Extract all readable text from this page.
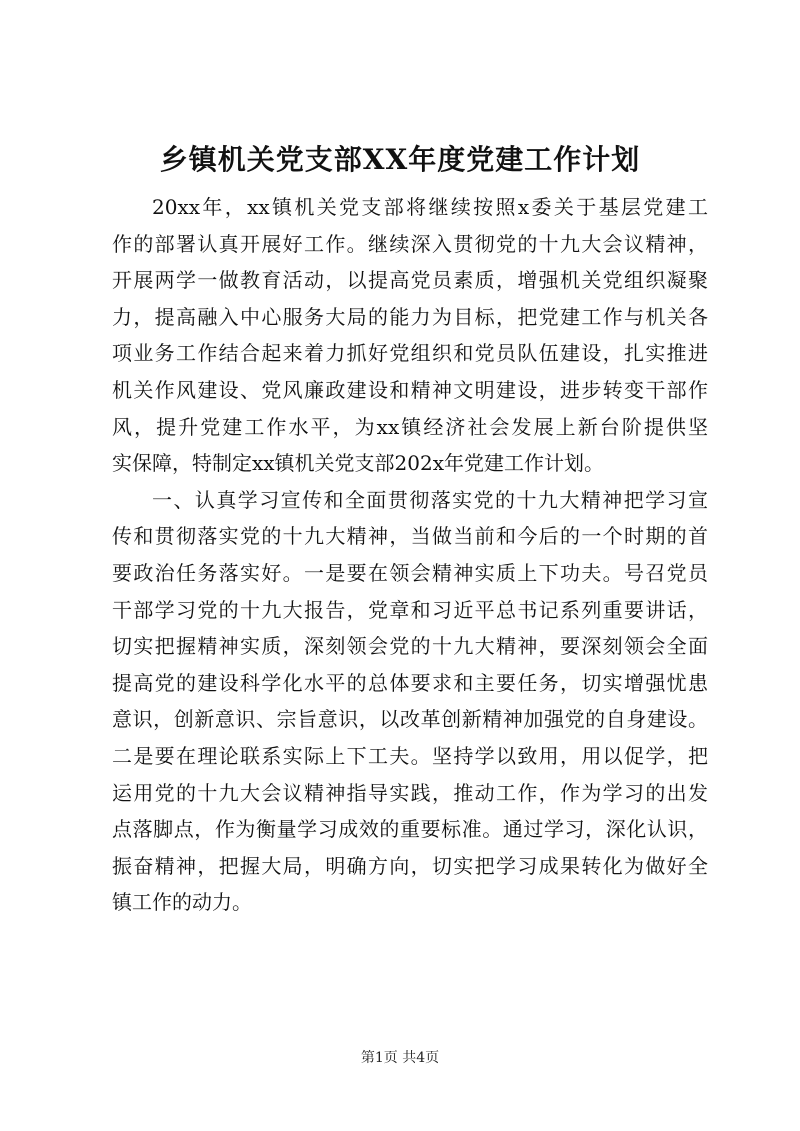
乡镇机关党支部XX年度党建工作计划
20xx年，xx镇机关党支部将继续按照x委关于基层党建工
作的部署认真开展好工作。继续深入贯彻党的十九大会议精神，
开展两学一做教育活动，以提高党员素质，增强机关党组织凝聚
力，提高融入中心服务大局的能力为目标，把党建工作与机关各
项业务工作结合起来着力抓好党组织和党员队伍建设，扎实推进
机关作风建设、党风廉政建设和精神文明建设，进步转变干部作
风，提升党建工作水平，为xx镇经济社会发展上新台阶提供坚
实保障，特制定xx镇机关党支部202x年党建工作计划。
一、认真学习宣传和全面贯彻落实党的十九大精神把学习宣
传和贯彻落实党的十九大精神，当做当前和今后的一个时期的首
要政治任务落实好。一是要在领会精神实质上下功夫。号召党员
干部学习党的十九大报告，党章和习近平总书记系列重要讲话，
切实把握精神实质，深刻领会党的十九大精神，要深刻领会全面
提高党的建设科学化水平的总体要求和主要任务，切实增强忧患
意识，创新意识、宗旨意识，以改革创新精神加强党的自身建设。
二是要在理论联系实际上下工夫。坚持学以致用，用以促学，把
运用党的十九大会议精神指导实践，推动工作，作为学习的出发
点落脚点，作为衡量学习成效的重要标准。通过学习，深化认识，
振奋精神，把握大局，明确方向，切实把学习成果转化为做好全
镇工作的动力。
第1页 共4页
